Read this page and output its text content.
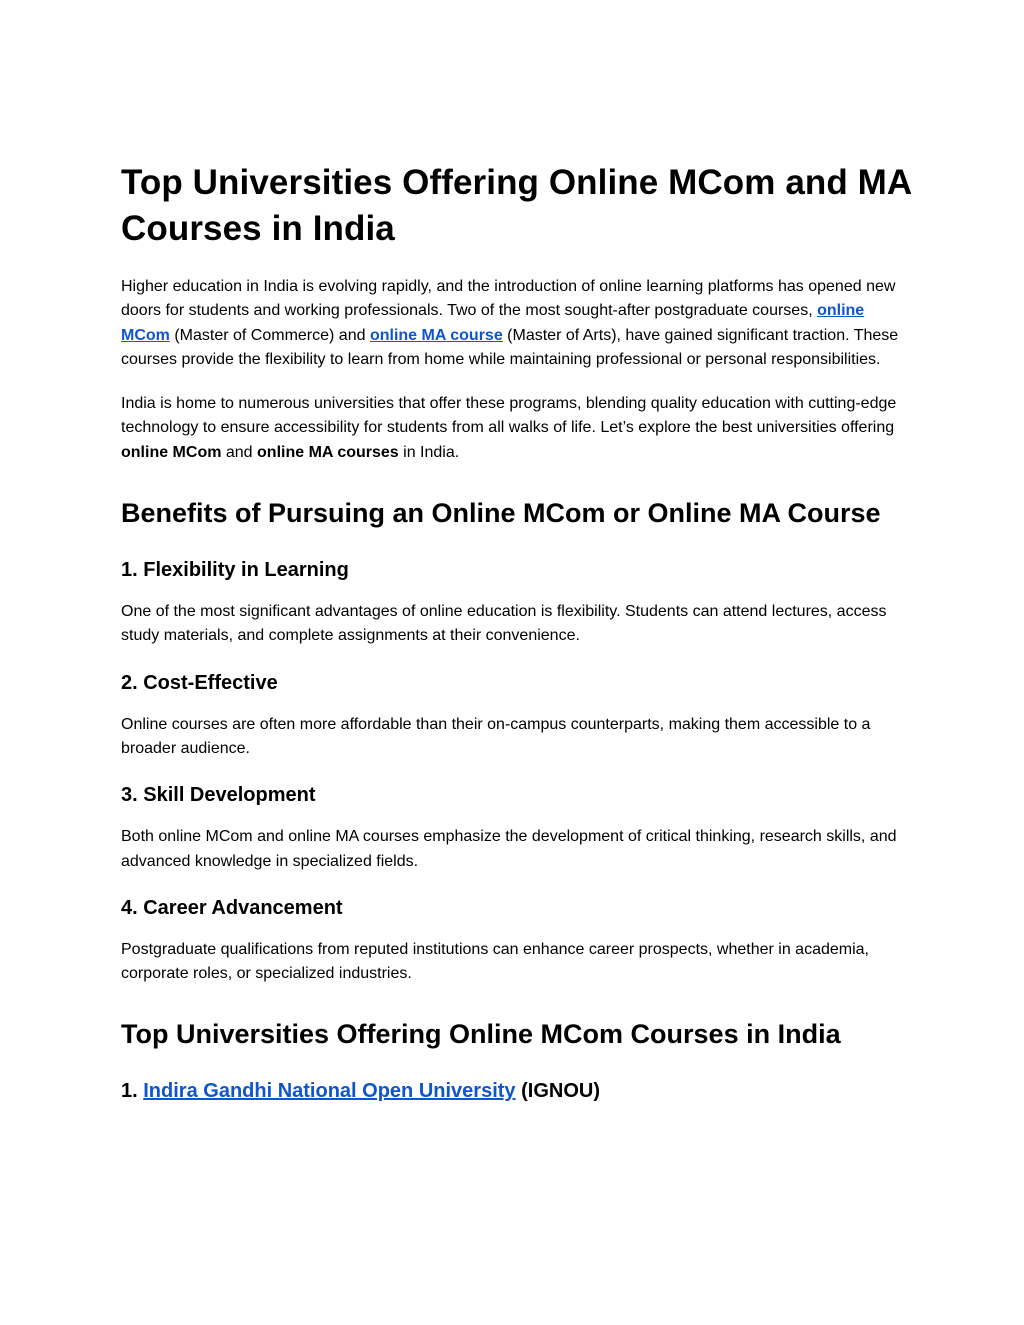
Top Universities Offering Online MCom and MA Courses in India

Higher education in India is evolving rapidly, and the introduction of online learning platforms has opened new doors for students and working professionals. Two of the most sought-after postgraduate courses, online MCom (Master of Commerce) and online MA course (Master of Arts), have gained significant traction. These courses provide the flexibility to learn from home while maintaining professional or personal responsibilities.

India is home to numerous universities that offer these programs, blending quality education with cutting-edge technology to ensure accessibility for students from all walks of life. Let’s explore the best universities offering online MCom and online MA courses in India.

Benefits of Pursuing an Online MCom or Online MA Course
1. Flexibility in Learning

One of the most significant advantages of online education is flexibility. Students can attend lectures, access study materials, and complete assignments at their convenience.

2. Cost-Effective

Online courses are often more affordable than their on-campus counterparts, making them accessible to a broader audience.

3. Skill Development

Both online MCom and online MA courses emphasize the development of critical thinking, research skills, and advanced knowledge in specialized fields.

4. Career Advancement

Postgraduate qualifications from reputed institutions can enhance career prospects, whether in academia, corporate roles, or specialized industries.

Top Universities Offering Online MCom Courses in India
1. Indira Gandhi National Open University (IGNOU)
